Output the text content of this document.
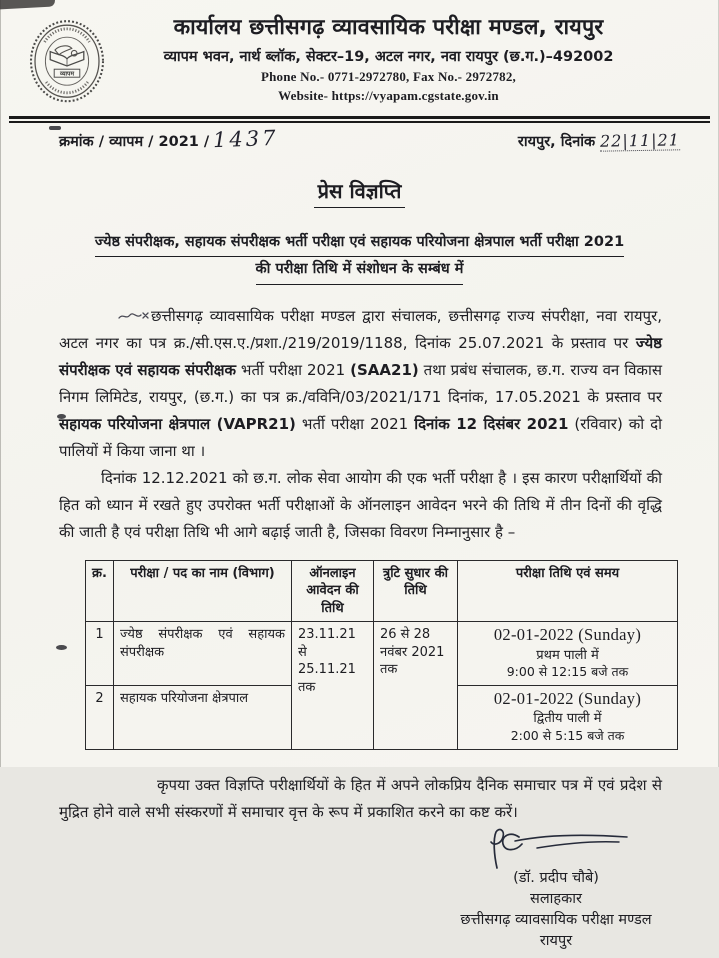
व्यापम
कार्यालय छत्तीसगढ़ व्यावसायिक परीक्षा मण्डल, रायपुर
व्यापम भवन, नार्थ ब्लॉक, सेक्टर–19, अटल नगर, नवा रायपुर (छ.ग.)–492002
Phone No.- 0771-2972780, Fax No.- 2972782,
Website- https://vyapam.cgstate.gov.in
क्रमांक / व्यापम / 2021 / 1437	रायपुर, दिनांक 22|11|21
प्रेस विज्ञप्ति
ज्येष्ठ संपरीक्षक, सहायक संपरीक्षक भर्ती परीक्षा एवं सहायक परियोजना क्षेत्रपाल भर्ती परीक्षा 2021
की परीक्षा तिथि में संशोधन के सम्बंध में
छत्तीसगढ़ व्यावसायिक परीक्षा मण्डल द्वारा संचालक, छत्तीसगढ़ राज्य संपरीक्षा, नवा रायपुर, अटल नगर का पत्र क्र./सी.एस.ए./प्रशा./219/2019/1188, दिनांक 25.07.2021 के प्रस्ताव पर ज्येष्ठ संपरीक्षक एवं सहायक संपरीक्षक भर्ती परीक्षा 2021 (SAA21) तथा प्रबंध संचालक, छ.ग. राज्य वन विकास निगम लिमिटेड, रायपुर, (छ.ग.) का पत्र क्र./वविनि/03/2021/171 दिनांक, 17.05.2021 के प्रस्ताव पर सहायक परियोजना क्षेत्रपाल (VAPR21) भर्ती परीक्षा 2021 दिनांक 12 दिसंबर 2021 (रविवार) को दो पालियों में किया जाना था ।
दिनांक 12.12.2021 को छ.ग. लोक सेवा आयोग की एक भर्ती परीक्षा है । इस कारण परीक्षार्थियों की हित को ध्यान में रखते हुए उपरोक्त भर्ती परीक्षाओं के ऑनलाइन आवेदन भरने की तिथि में तीन दिनों की वृद्धि की जाती है एवं परीक्षा तिथि भी आगे बढ़ाई जाती है, जिसका विवरण निम्नानुसार है –
क्र.	परीक्षा / पद का नाम (विभाग)	ऑनलाइन आवेदन की तिथि	त्रुटि सुधार की तिथि	परीक्षा तिथि एवं समय
1	ज्येष्ठ संपरीक्षक एवं सहायक संपरीक्षक	23.11.21 से 25.11.21 तक	26 से 28 नवंबर 2021 तक	02-01-2022 (Sunday)
प्रथम पाली में
9:00 से 12:15 बजे तक

2	सहायक परियोजना क्षेत्रपाल			02-01-2022 (Sunday)
द्वितीय पाली में
2:00 से 5:15 बजे तक
कृपया उक्त विज्ञप्ति परीक्षार्थियों के हित में अपने लोकप्रिय दैनिक समाचार पत्र में एवं प्रदेश से मुद्रित होने वाले सभी संस्करणों में समाचार वृत्त के रूप में प्रकाशित करने का कष्ट करें।
(डॉ. प्रदीप चौबे)
सलाहकार
छत्तीसगढ़ व्यावसायिक परीक्षा मण्डल
रायपुर
